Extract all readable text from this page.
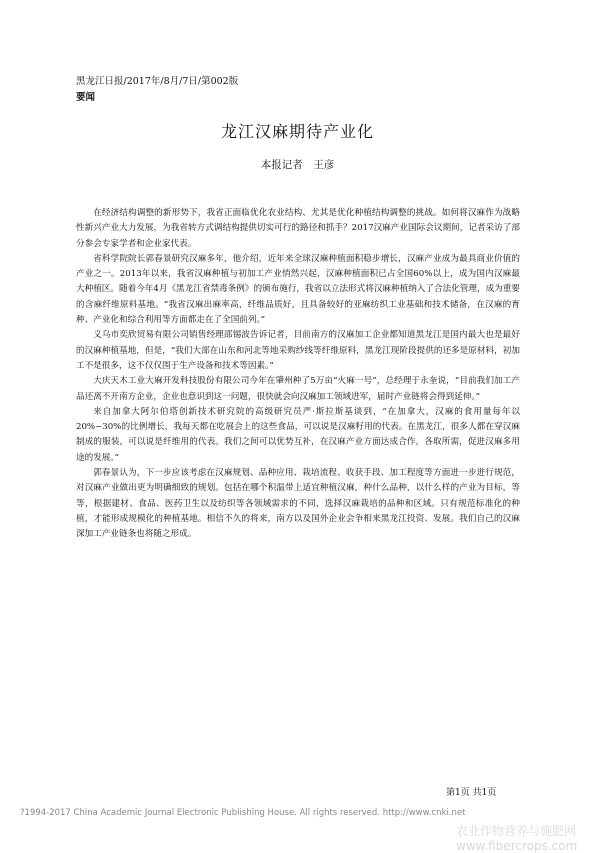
黑龙江日报/2017年/8月/7日/第002版
要闻
龙江汉麻期待产业化
本报记者　王彦

在经济结构调整的新形势下，我省正面临优化农业结构、尤其是优化种植结构调整的挑战。如何将汉麻作为战略性新兴产业大力发展，为我省转方式调结构提供切实可行的路径和抓手？2017汉麻产业国际会议期间，记者采访了部分参会专家学者和企业家代表。

省科学院院长郭春景研究汉麻多年，他介绍，近年来全球汉麻种植面积稳步增长，汉麻产业成为最具商业价值的产业之一。2013年以来，我省汉麻种植与初加工产业悄然兴起，汉麻种植面积已占全国60%以上，成为国内汉麻最大种植区。随着今年4月《黑龙江省禁毒条例》的颁布施行，我省以立法形式将汉麻种植纳入了合法化管理，成为重要的含麻纤维原料基地。“我省汉麻出麻率高，纤维品质好，且具备较好的亚麻纺织工业基础和技术储备，在汉麻的育种、产业化和综合利用等方面都走在了全国前列。”

义乌市奕欣贸易有限公司销售经理邵锡波告诉记者，目前南方的汉麻加工企业都知道黑龙江是国内最大也是最好的汉麻种植基地，但是，“我们大部在山东和河北等地采购纱线等纤维原料，黑龙江现阶段提供的还多是原材料，初加工不是很多，这不仅仅围于生产设备和技术等因素。”

大庆天木工业大麻开发科技股份有限公司今年在肇州种了5万亩“火麻一号”，总经理于永奎说，“目前我们加工产品还离不开南方企业，企业也意识到这一问题，很快就会向汉麻加工领域进军，届时产业链将会得到延伸。”

来自加拿大阿尔伯塔创新技术研究院的高级研究员严·斯拉斯基谈到，“在加拿大，汉麻的食用量每年以20%~30%的比例增长，我每天都在吃展会上的这些食品，可以说是汉麻籽用的代表。在黑龙江，很多人都在穿汉麻制成的服装，可以说是纤维用的代表。我们之间可以优势互补，在汉麻产业方面达成合作，各取所需，促进汉麻多用途的发展。”

郭春景认为，下一步应该考虑在汉麻规划、品种应用、栽培流程、收获手段、加工程度等方面进一步进行规范，对汉麻产业做出更为明确细致的规划。包括在哪个积温带上适宜种植汉麻，种什么品种，以什么样的产业为目标，等等，根据建材、食品、医药卫生以及纺织等各领域需求的不同，选择汉麻栽培的品种和区域。只有规范标准化的种植，才能形成规模化的种植基地。相信不久的将来，南方以及国外企业会争相来黑龙江投资、发展。我们自己的汉麻深加工产业链条也将随之形成。

第1页 共1页
?1994-2017 China Academic Journal Electronic Publishing House. All rights reserved. http://www.cnki.net
农业作物营养与施肥网 www.fibercrops.com
